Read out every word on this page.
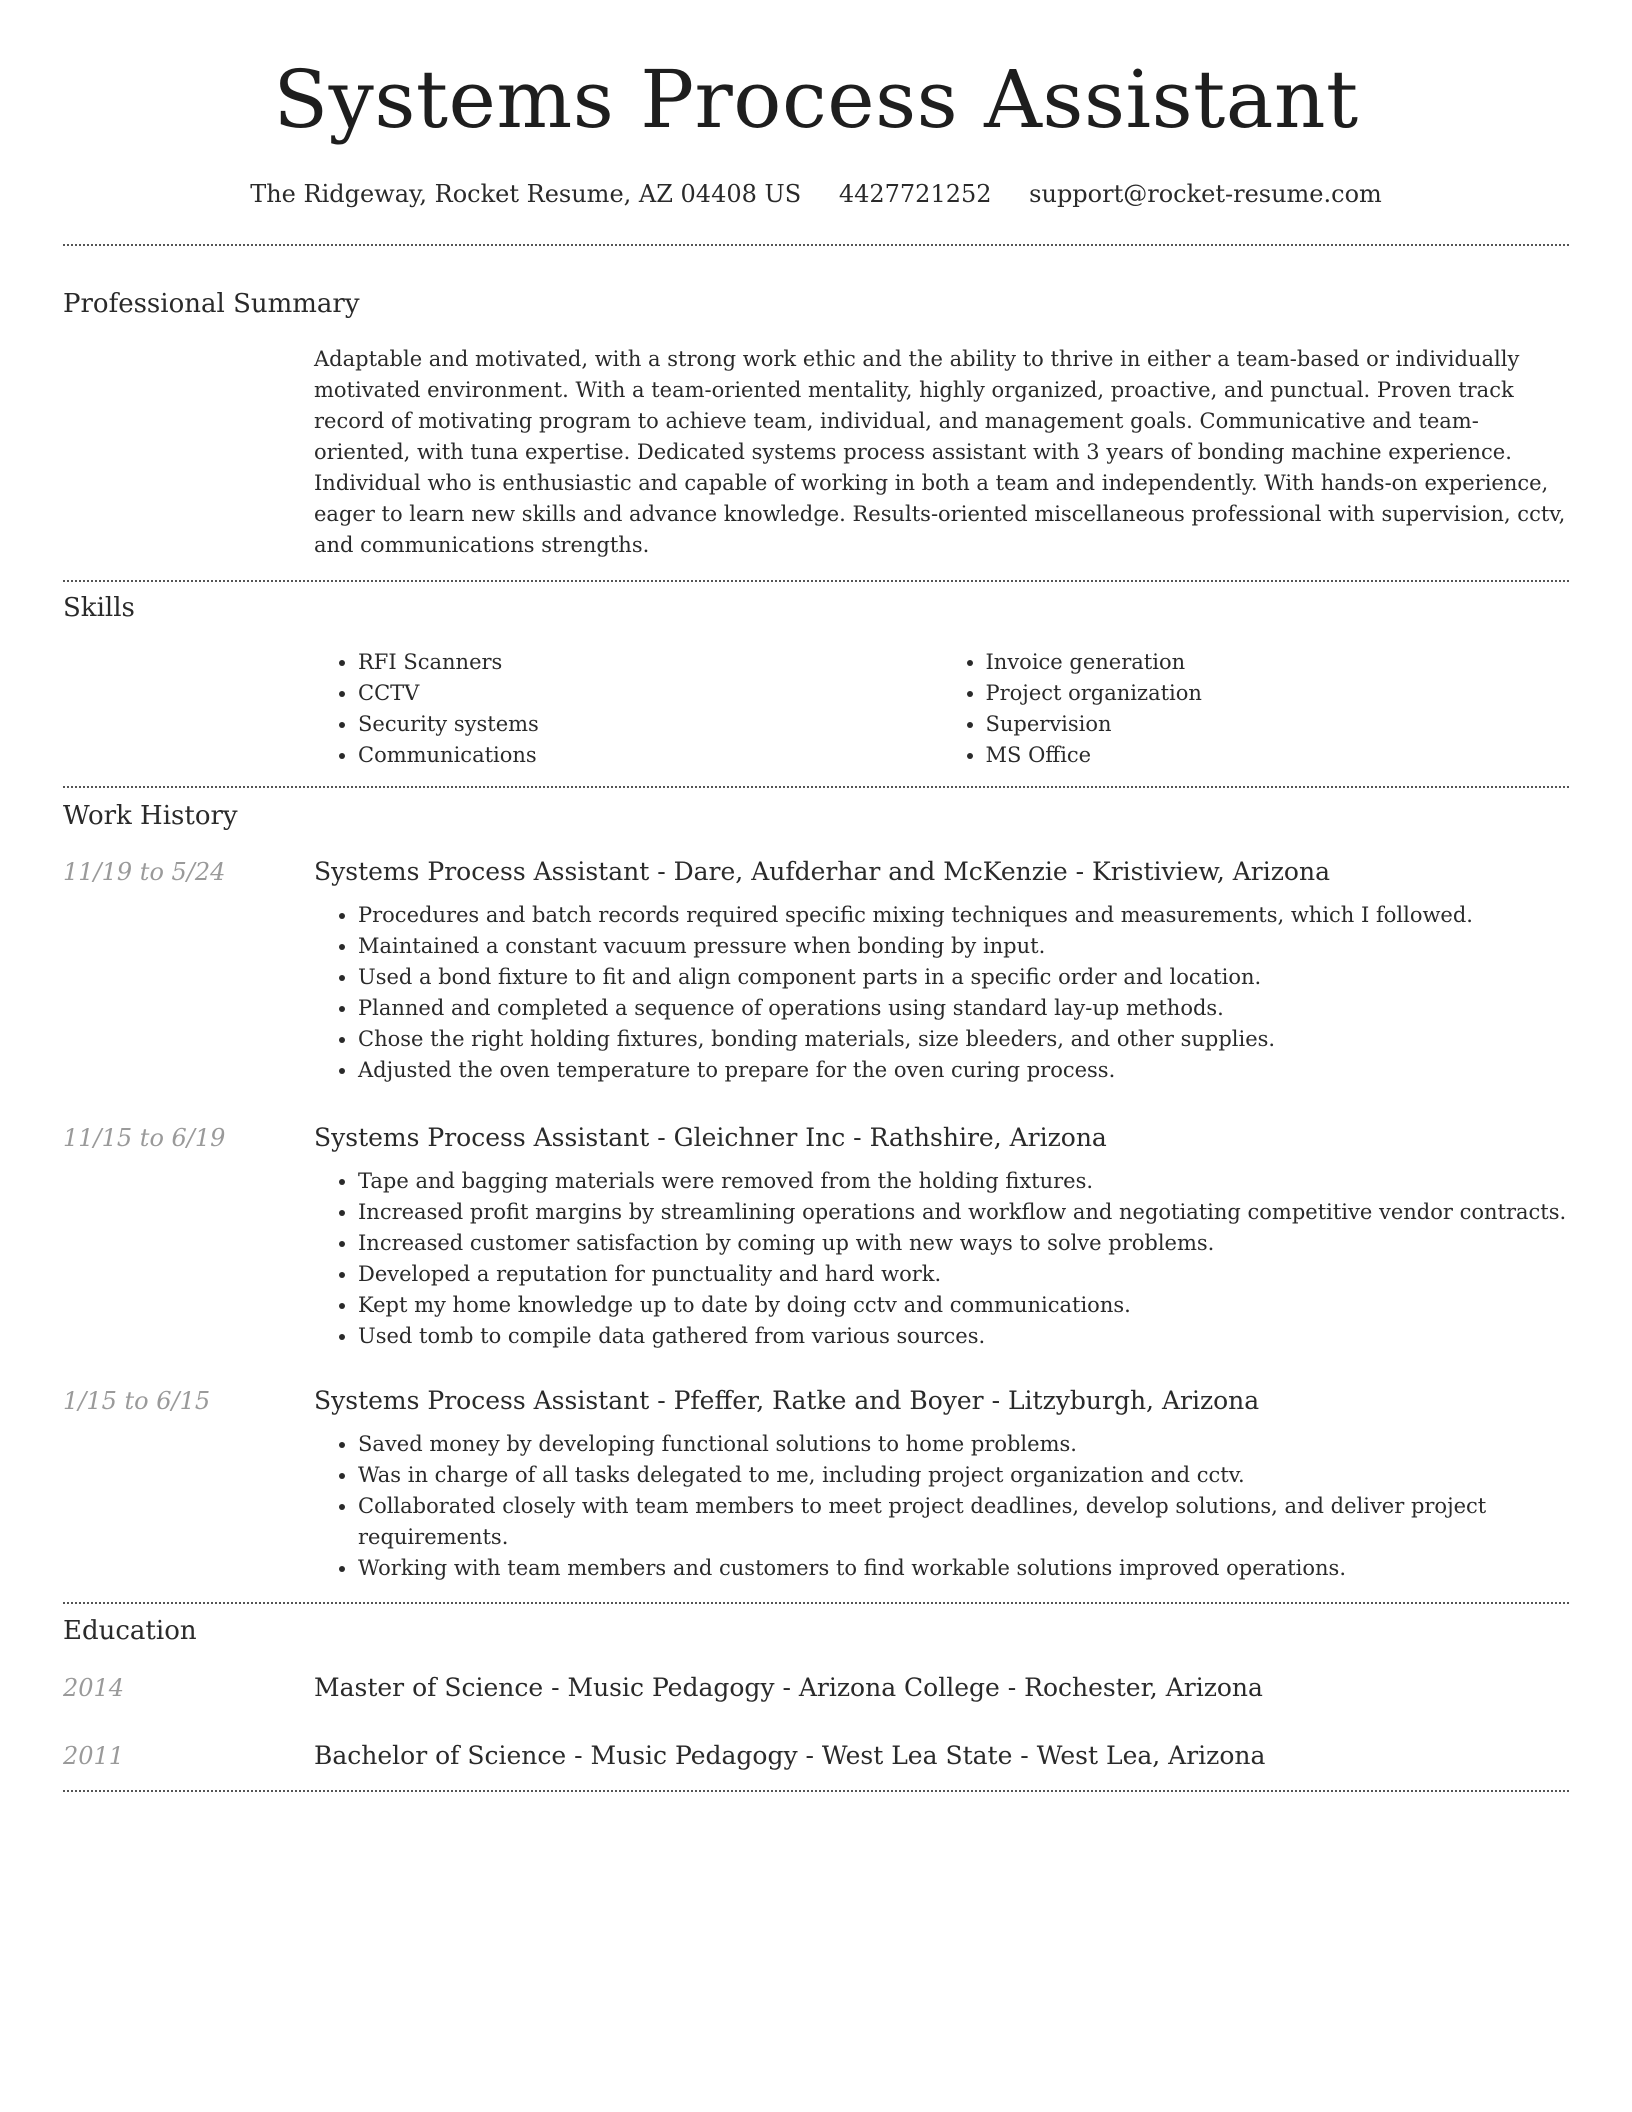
Systems Process Assistant
The Ridgeway, Rocket Resume, AZ 04408 US 4427721252 support@rocket-resume.com
Professional Summary
Adaptable and motivated, with a strong work ethic and the ability to thrive in either a team-based or individually motivated environment. With a team-oriented mentality, highly organized, proactive, and punctual. Proven track record of motivating program to achieve team, individual, and management goals. Communicative and team-oriented, with tuna expertise. Dedicated systems process assistant with 3 years of bonding machine experience. Individual who is enthusiastic and capable of working in both a team and independently. With hands-on experience, eager to learn new skills and advance knowledge. Results-oriented miscellaneous professional with supervision, cctv, and communications strengths.
Skills
• RFI Scanners
• CCTV
• Security systems
• Communications
• Invoice generation
• Project organization
• Supervision
• MS Office
Work History
11/19 to 5/24	Systems Process Assistant - Dare, Aufderhar and McKenzie - Kristiview, Arizona
• Procedures and batch records required specific mixing techniques and measurements, which I followed.
• Maintained a constant vacuum pressure when bonding by input.
• Used a bond fixture to fit and align component parts in a specific order and location.
• Planned and completed a sequence of operations using standard lay-up methods.
• Chose the right holding fixtures, bonding materials, size bleeders, and other supplies.
• Adjusted the oven temperature to prepare for the oven curing process.
11/15 to 6/19	Systems Process Assistant - Gleichner Inc - Rathshire, Arizona
• Tape and bagging materials were removed from the holding fixtures.
• Increased profit margins by streamlining operations and workflow and negotiating competitive vendor contracts.
• Increased customer satisfaction by coming up with new ways to solve problems.
• Developed a reputation for punctuality and hard work.
• Kept my home knowledge up to date by doing cctv and communications.
• Used tomb to compile data gathered from various sources.
1/15 to 6/15	Systems Process Assistant - Pfeffer, Ratke and Boyer - Litzyburgh, Arizona
• Saved money by developing functional solutions to home problems.
• Was in charge of all tasks delegated to me, including project organization and cctv.
• Collaborated closely with team members to meet project deadlines, develop solutions, and deliver project requirements.
• Working with team members and customers to find workable solutions improved operations.
Education
2014	Master of Science - Music Pedagogy - Arizona College - Rochester, Arizona
2011	Bachelor of Science - Music Pedagogy - West Lea State - West Lea, Arizona
